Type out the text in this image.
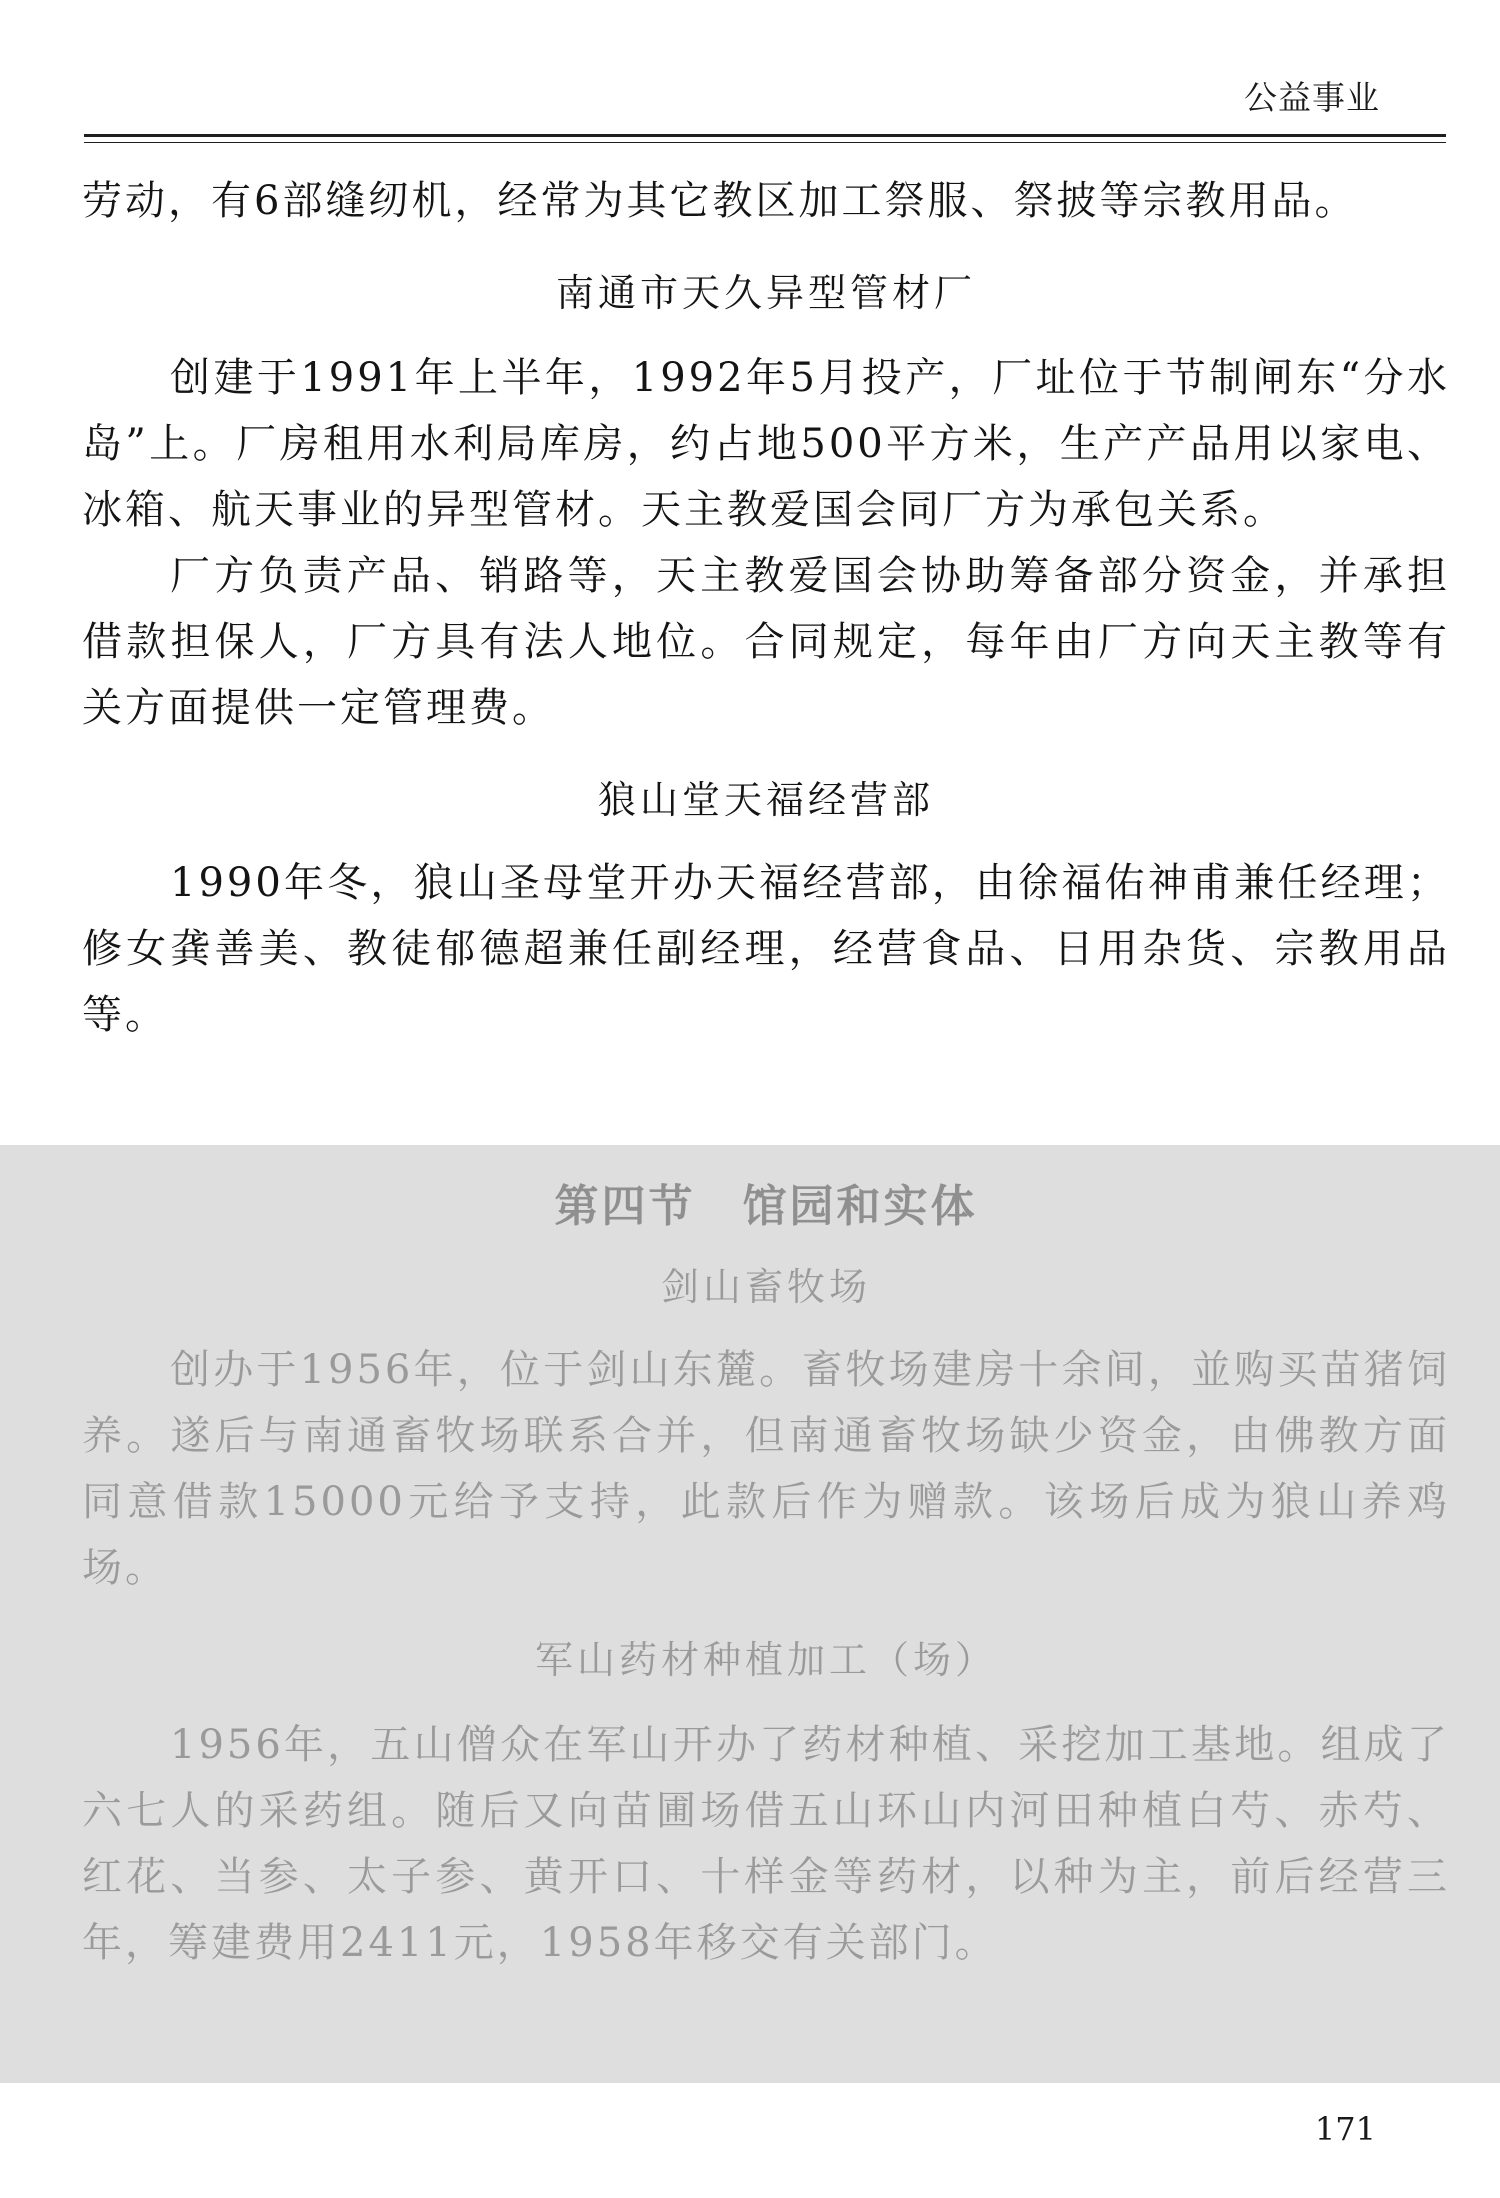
公益事业

劳动，有6部缝纫机，经常为其它教区加工祭服、祭披等宗教用品。

南通市天久异型管材厂

创建于1991年上半年，1992年5月投产，厂址位于节制闸东“分水岛”上。厂房租用水利局库房，约占地500平方米，生产产品用以家电、冰箱、航天事业的异型管材。天主教爱国会同厂方为承包关系。

厂方负责产品、销路等，天主教爱国会协助筹备部分资金，并承担借款担保人，厂方具有法人地位。合同规定，每年由厂方向天主教等有关方面提供一定管理费。

狼山堂天福经营部

1990年冬，狼山圣母堂开办天福经营部，由徐福佑神甫兼任经理；修女龚善美、教徒郁德超兼任副经理，经营食品、日用杂货、宗教用品等。

第四节　馆园和实体

剑山畜牧场

创办于1956年，位于剑山东麓。畜牧场建房十余间，並购买苗猪饲养。遂后与南通畜牧场联系合并，但南通畜牧场缺少资金，由佛教方面同意借款15000元给予支持，此款后作为赠款。该场后成为狼山养鸡场。

军山药材种植加工（场）

1956年，五山僧众在军山开办了药材种植、采挖加工基地。组成了六七人的采药组。随后又向苗圃场借五山环山内河田种植白芍、赤芍、红花、当参、太子参、黄开口、十样金等药材，以种为主，前后经营三年，筹建费用2411元，1958年移交有关部门。

171
